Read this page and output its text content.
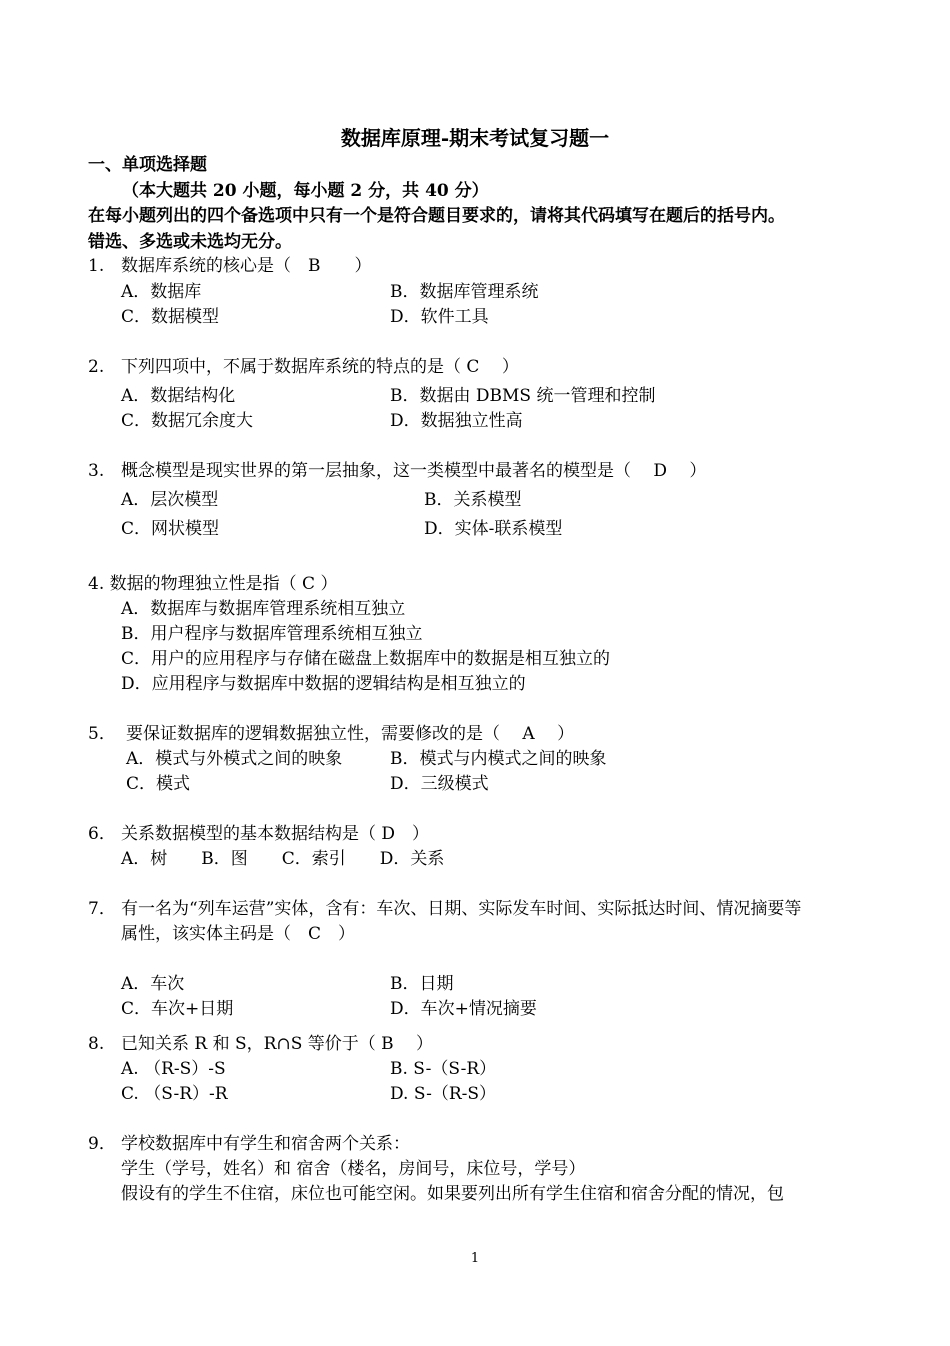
数据库原理-期末考试复习题一
一、单项选择题
（本大题共 20 小题，每小题 2 分，共 40 分）
在每小题列出的四个备选项中只有一个是符合题目要求的，请将其代码填写在题后的括号内。
错选、多选或未选均无分。
1. 数据库系统的核心是（　B　　）
A．数据库	B．数据库管理系统
C．数据模型	D．软件工具
2. 下列四项中，不属于数据库系统的特点的是（ C　 ）
A．数据结构化	B．数据由 DBMS 统一管理和控制
C．数据冗余度大	D．数据独立性高
3. 概念模型是现实世界的第一层抽象，这一类模型中最著名的模型是（　 D　 ）
A．层次模型	B．关系模型
C．网状模型	D．实体-联系模型
4. 数据的物理独立性是指（ C ）
A．数据库与数据库管理系统相互独立
B．用户程序与数据库管理系统相互独立
C．用户的应用程序与存储在磁盘上数据库中的数据是相互独立的
D．应用程序与数据库中数据的逻辑结构是相互独立的
5． 要保证数据库的逻辑数据独立性，需要修改的是（　 A　 ）
A．模式与外模式之间的映象	B．模式与内模式之间的映象
C．模式	D．三级模式
6． 关系数据模型的基本数据结构是（ D　）
A．树　　B．图　　C．索引　　D．关系
7． 有一名为“列车运营”实体，含有：车次、日期、实际发车时间、实际抵达时间、情况摘要等
属性，该实体主码是（　C　）
A．车次	B．日期
C．车次+日期	D．车次+情况摘要
8. 已知关系 R 和 S，R∩S 等价于（ B　 ）
A. （R-S）-S	B. S-（S-R）
C. （S-R）-R	D. S-（R-S）
9． 学校数据库中有学生和宿舍两个关系：
学生（学号，姓名）和 宿舍（楼名，房间号，床位号，学号）
假设有的学生不住宿，床位也可能空闲。如果要列出所有学生住宿和宿舍分配的情况，包
1
